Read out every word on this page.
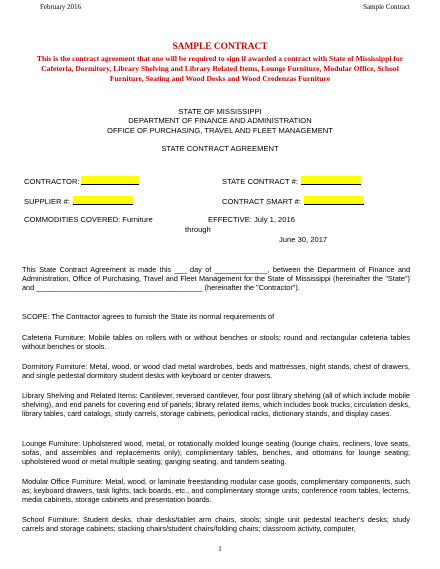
February 2016	Sample Contract
SAMPLE CONTRACT
This is the contract agreement that one will be required to sign if awarded a contract with State of Mississippi for Cafeteria, Dormitory, Library Shelving and Library Related Items, Lounge Furniture, Modular Office, School Furniture, Seating and Wood Desks and Wood Credenzas Furniture
STATE OF MISSISSIPPI
DEPARTMENT OF FINANCE AND ADMINISTRATION
OFFICE OF PURCHASING, TRAVEL AND FLEET MANAGEMENT
STATE CONTRACT AGREEMENT
CONTRACTOR:	STATE CONTRACT #:
SUPPLIER #:	CONTRACT SMART #:
COMMODITIES COVERED: Furniture	EFFECTIVE: July 1, 2016
through
June 30, 2017
This State Contract Agreement is made this ___ day of _____________, between the Department of Finance and Administration, Office of Purchasing, Travel and Fleet Management for the State of Mississippi (hereinafter the "State") and _________________________________________ (hereinafter the "Contractor").
SCOPE: The Contractor agrees to furnish the State its normal requirements of
Cafeteria Furniture: Mobile tables on rollers with or without benches or stools; round and rectangular cafeteria tables without benches or stools.
Dormitory Furniture: Metal, wood, or wood clad metal wardrobes, beds and mattresses, night stands, chest of drawers, and single pedestal dormitory student desks with keyboard or center drawers.
Library Shelving and Related Items: Cantilever, reversed cantilever, four post library shelving (all of which include mobile shelving), and end panels for covering end of panels; library related items, which includes book trucks, circulation desks, library tables, card catalogs, study carrels, storage cabinets, periodical racks, dictionary stands, and display cases.
Lounge Furniture: Upholstered wood, metal, or rotationally molded lounge seating (lounge chairs, recliners, love seats, sofas, and assembles and replacements only); complimentary tables, benches, and ottomans for lounge seating; upholstered wood or metal multiple seating, ganging seating, and tandem seating.
Modular Office Furniture: Metal, wood, or laminate freestanding modular case goods, complimentary components, such as, keyboard drawers, task lights, tack boards, etc., and complimentary storage units; conference room tables, lecterns, media cabinets, storage cabinets and presentation boards.
School Furniture: Student desks, chair desks/tablet arm chairs, stools; single unit pedestal teacher's desks; study carrels and storage cabinets; stacking chairs/student chairs/folding chairs; classroom activity, computer,
1
